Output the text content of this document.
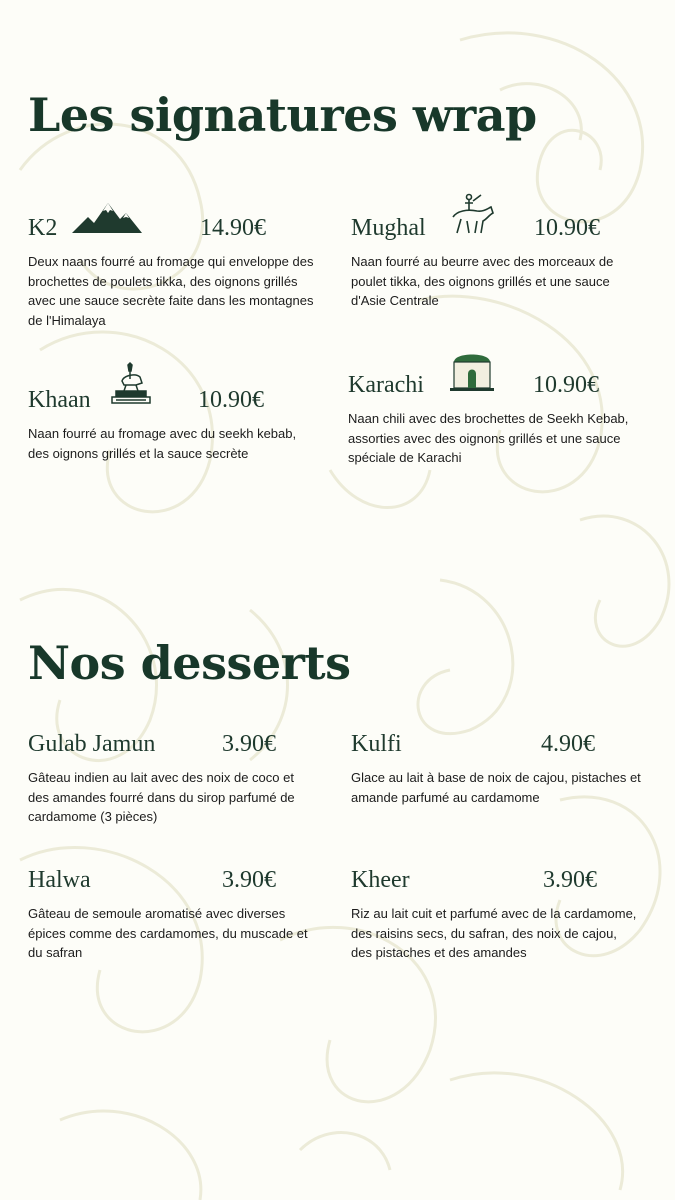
Les signatures wrap
K2	14.90€

Deux naans fourré au fromage qui enveloppe des brochettes de poulets tikka, des oignons grillés avec une sauce secrète faite dans les montagnes de l'Himalaya

Mughal	10.90€

Naan fourré au beurre avec des morceaux de poulet tikka, des oignons grillés et une sauce d'Asie Centrale

Khaan	10.90€

Naan fourré au fromage avec du seekh kebab, des oignons grillés et la sauce secrète

Karachi	10.90€

Naan chili avec des brochettes de Seekh Kebab, assorties avec des oignons grillés et une sauce spéciale de Karachi

Nos desserts
Gulab Jamun	3.90€

Gâteau indien au lait avec des noix de coco et des amandes fourré dans du sirop parfumé de cardamome (3 pièces)

Kulfi	4.90€

Glace au lait à base de noix de cajou, pistaches et amande parfumé au cardamome

Halwa	3.90€

Gâteau de semoule aromatisé avec diverses épices comme des cardamomes, du muscade et du safran

Kheer	3.90€

Riz au lait cuit et parfumé avec de la cardamome, des raisins secs, du safran, des noix de cajou, des pistaches et des amandes
